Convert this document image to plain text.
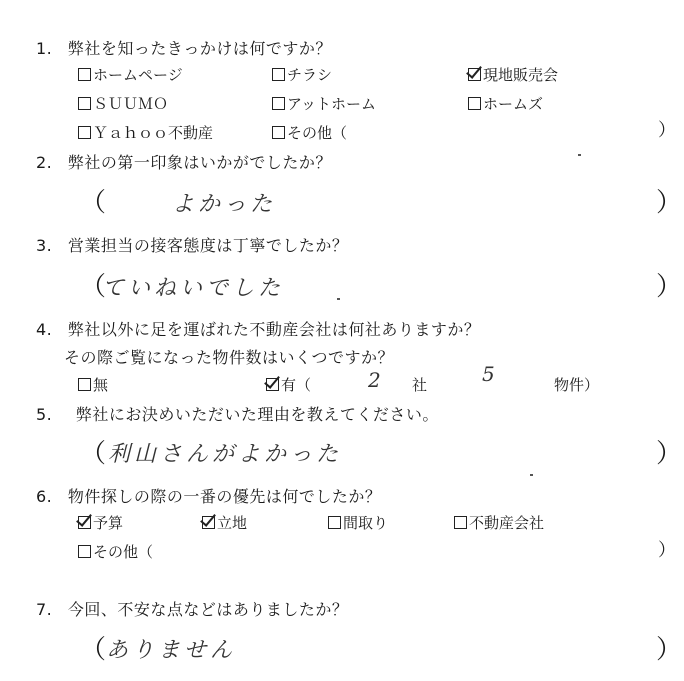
1. 弊社を知ったきっかけは何ですか？
ホームページ	チラシ	現地販売会
ＳＵＵＭＯ	アットホーム	ホームズ
Ｙａｈｏｏ不動産	その他（	）
2. 弊社の第一印象はいかがでしたか？
（	よかった	）
3. 営業担当の接客態度は丁寧でしたか？
（
ていねいでした	）
4. 弊社以外に足を運ばれた不動産会社は何社ありますか？
その際ご覧になった物件数はいくつですか？
無	有（	2 社	5	物件）
5. 弊社にお決めいただいた理由を教えてください。
（ 利山さんがよかった	）
6. 物件探しの際の一番の優先は何でしたか？
予算	立地	間取り	不動産会社
その他（	）
7. 今回、不安な点などはありましたか？
（ ありません	）
